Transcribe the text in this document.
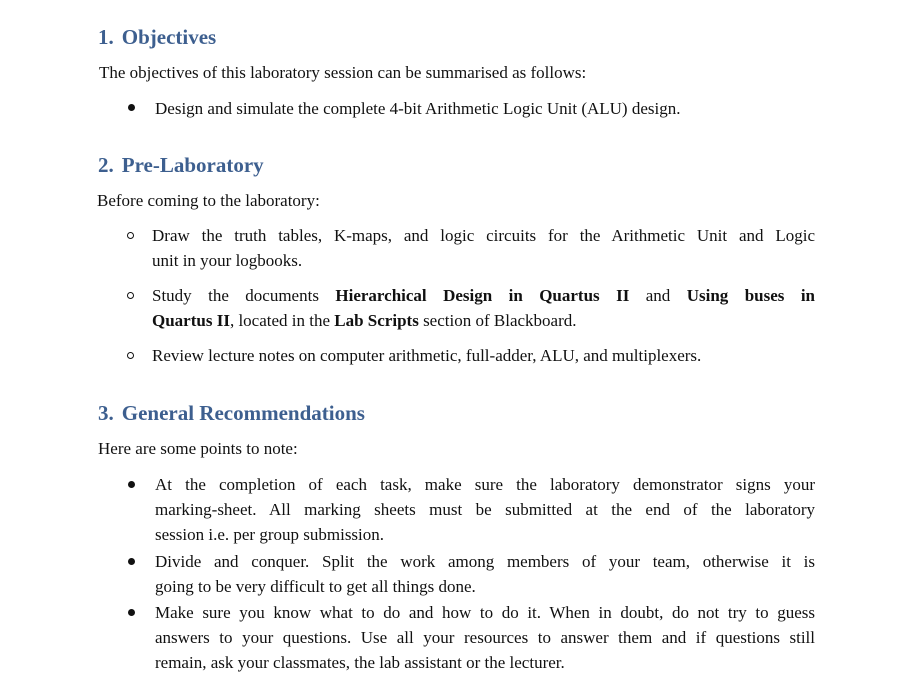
1. Objectives
The objectives of this laboratory session can be summarised as follows:
Design and simulate the complete 4-bit Arithmetic Logic Unit (ALU) design.
2. Pre-Laboratory
Before coming to the laboratory:
Draw the truth tables, K-maps, and logic circuits for the Arithmetic Unit and Logic
unit in your logbooks.
Study the documents Hierarchical Design in Quartus II and Using buses in
Quartus II, located in the Lab Scripts section of Blackboard.
Review lecture notes on computer arithmetic, full-adder, ALU, and multiplexers.
3. General Recommendations
Here are some points to note:
At the completion of each task, make sure the laboratory demonstrator signs your
marking-sheet. All marking sheets must be submitted at the end of the laboratory
session i.e. per group submission.
Divide and conquer. Split the work among members of your team, otherwise it is
going to be very difficult to get all things done.
Make sure you know what to do and how to do it. When in doubt, do not try to guess
answers to your questions. Use all your resources to answer them and if questions still
remain, ask your classmates, the lab assistant or the lecturer.
